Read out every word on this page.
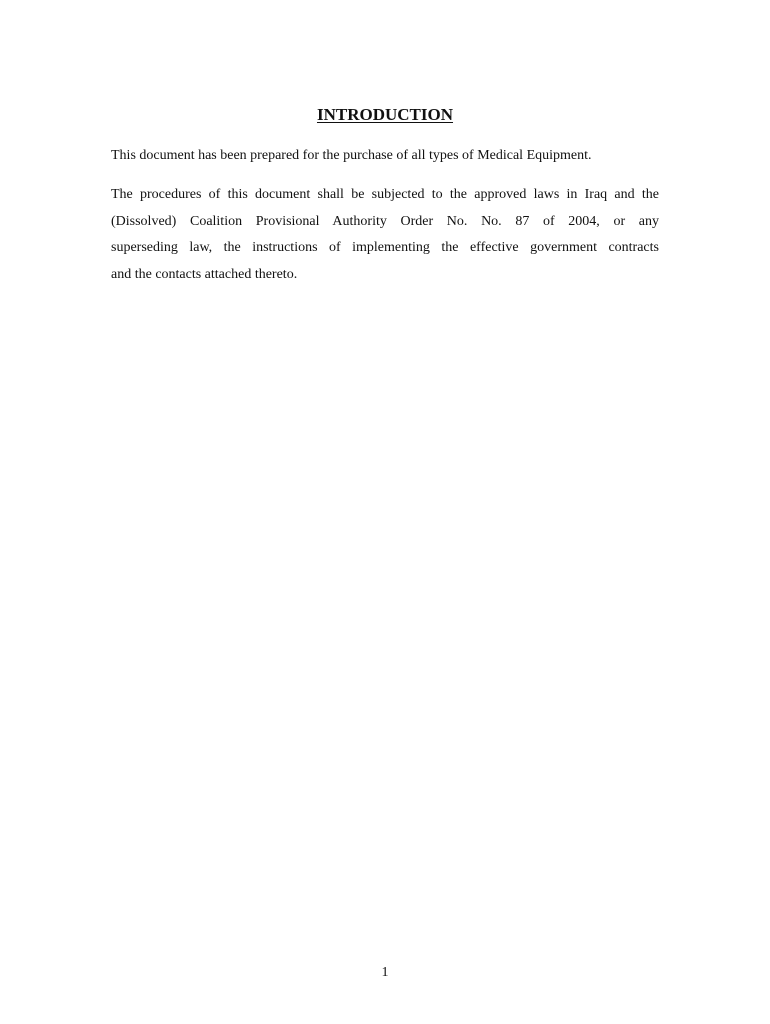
INTRODUCTION

This document has been prepared for the purchase of all types of Medical Equipment.

The procedures of this document shall be subjected to the approved laws in Iraq and the
(Dissolved) Coalition Provisional Authority Order No. No. 87 of 2004, or any
superseding law, the instructions of implementing the effective government contracts
and the contacts attached thereto.
1
